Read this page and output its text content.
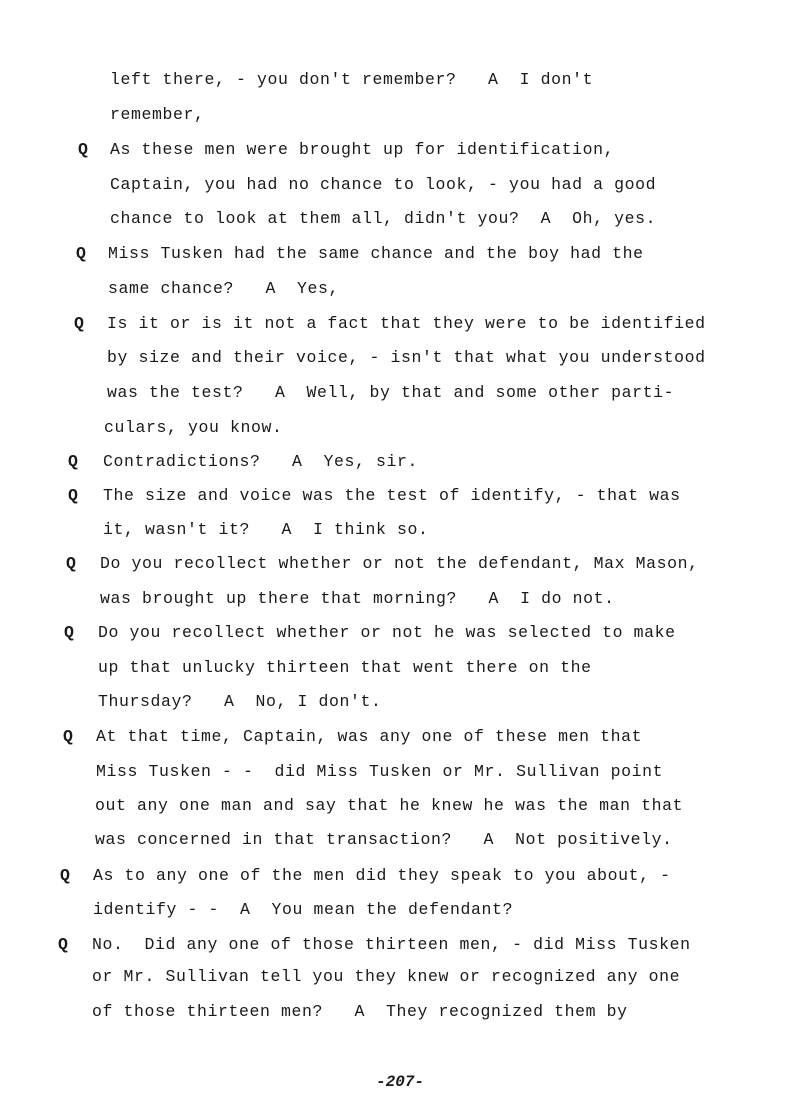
left there, - you don't remember?   A  I don't
remember,
Q As these men were brought up for identification,
Captain, you had no chance to look, - you had a good
chance to look at them all, didn't you?  A  Oh, yes.
Q Miss Tusken had the same chance and the boy had the
same chance?   A  Yes,
Q Is it or is it not a fact that they were to be identified
by size and their voice, - isn't that what you understood
was the test?   A  Well, by that and some other parti-
culars, you know.
Q Contradictions?   A  Yes, sir.
Q The size and voice was the test of identify, - that was
it, wasn't it?   A  I think so.
Q Do you recollect whether or not the defendant, Max Mason,
was brought up there that morning?   A  I do not.
Q Do you recollect whether or not he was selected to make
up that unlucky thirteen that went there on the
Thursday?   A  No, I don't.
Q At that time, Captain, was any one of these men that
Miss Tusken - -  did Miss Tusken or Mr. Sullivan point
out any one man and say that he knew he was the man that
was concerned in that transaction?   A  Not positively.
Q As to any one of the men did they speak to you about, -
identify - -  A  You mean the defendant?
Q No.  Did any one of those thirteen men, - did Miss Tusken
or Mr. Sullivan tell you they knew or recognized any one
of those thirteen men?   A  They recognized them by
-207-
